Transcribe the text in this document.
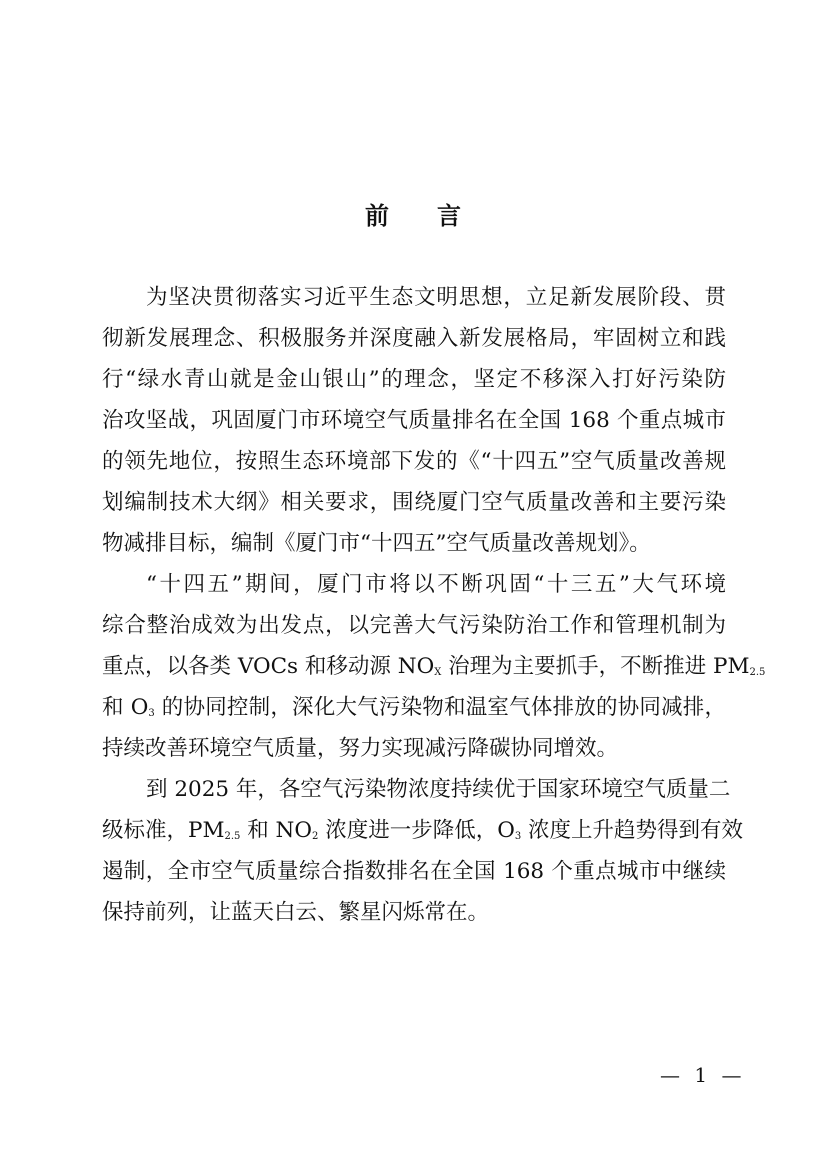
前 言
为坚决贯彻落实习近平生态文明思想，立足新发展阶段、贯
彻新发展理念、积极服务并深度融入新发展格局，牢固树立和践
行“绿水青山就是金山银山”的理念，坚定不移深入打好污染防
治攻坚战，巩固厦门市环境空气质量排名在全国 168 个重点城市
的领先地位，按照生态环境部下发的《“十四五”空气质量改善规
划编制技术大纲》相关要求，围绕厦门空气质量改善和主要污染
物减排目标，编制《厦门市“十四五”空气质量改善规划》。
“十四五”期间，厦门市将以不断巩固“十三五”大气环境
综合整治成效为出发点，以完善大气污染防治工作和管理机制为
重点，以各类 VOCs 和移动源 $NO_X$ 治理为主要抓手，不断推进 $PM_{2.5}$
和 $O_3$ 的协同控制，深化大气污染物和温室气体排放的协同减排，
持续改善环境空气质量，努力实现减污降碳协同增效。
到 2025 年，各空气污染物浓度持续优于国家环境空气质量二
级标准，$PM_{2.5}$ 和 $NO_2$ 浓度进一步降低，$O_3$ 浓度上升趋势得到有效
遏制，全市空气质量综合指数排名在全国 168 个重点城市中继续
保持前列，让蓝天白云、繁星闪烁常在。
— 1 —
